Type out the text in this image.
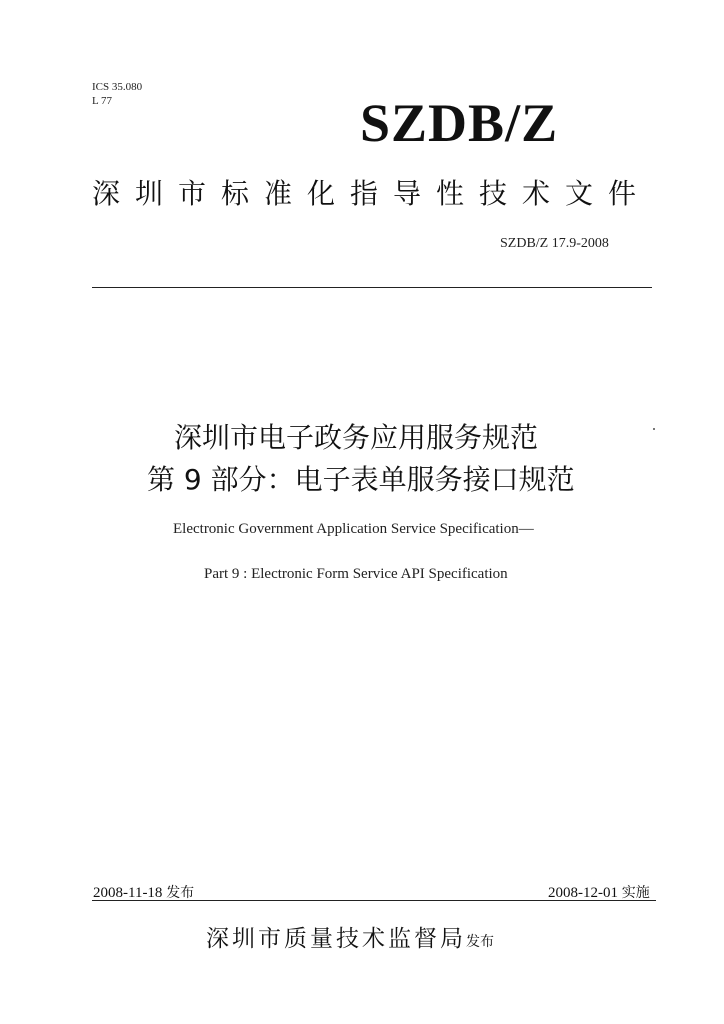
ICS 35.080
L 77	SZDB/Z
深圳市标准化指导性技术文件
SZDB/Z 17.9-2008
深圳市电子政务应用服务规范
第 9 部分：电子表单服务接口规范
Electronic Government Application Service Specification—
Part 9 : Electronic Form Service API Specification
2008-11-18 发布	2008-12-01 实施
深圳市质量技术监督局发布
